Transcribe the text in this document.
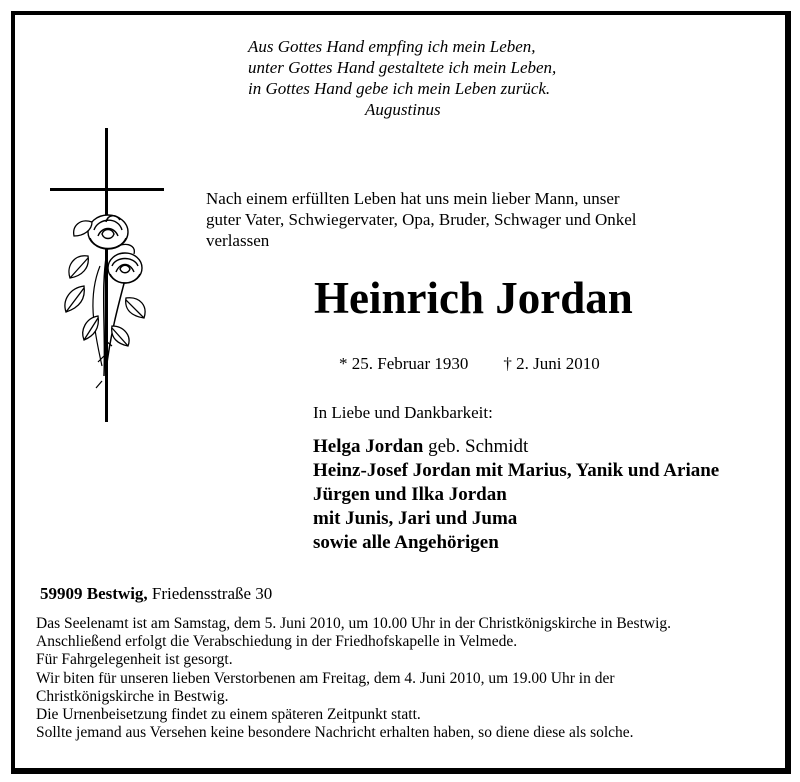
Aus Gottes Hand empfing ich mein Leben,
unter Gottes Hand gestaltete ich mein Leben,
in Gottes Hand gebe ich mein Leben zurück.
Augustinus
Nach einem erfüllten Leben hat uns mein lieber Mann, unser
guter Vater, Schwiegervater, Opa, Bruder, Schwager und Onkel
verlassen
Heinrich Jordan
* 25. Februar 1930 † 2. Juni 2010
In Liebe und Dankbarkeit:
Helga Jordan geb. Schmidt
Heinz-Josef Jordan mit Marius, Yanik und Ariane
Jürgen und Ilka Jordan
mit Junis, Jari und Juma
sowie alle Angehörigen
59909 Bestwig, Friedensstraße 30
Das Seelenamt ist am Samstag, dem 5. Juni 2010, um 10.00 Uhr in der Christkönigskirche in Bestwig.
Anschließend erfolgt die Verabschiedung in der Friedhofskapelle in Velmede.
Für Fahrgelegenheit ist gesorgt.
Wir biten für unseren lieben Verstorbenen am Freitag, dem 4. Juni 2010, um 19.00 Uhr in der
Christkönigskirche in Bestwig.
Die Urnenbeisetzung findet zu einem späteren Zeitpunkt statt.
Sollte jemand aus Versehen keine besondere Nachricht erhalten haben, so diene diese als solche.
